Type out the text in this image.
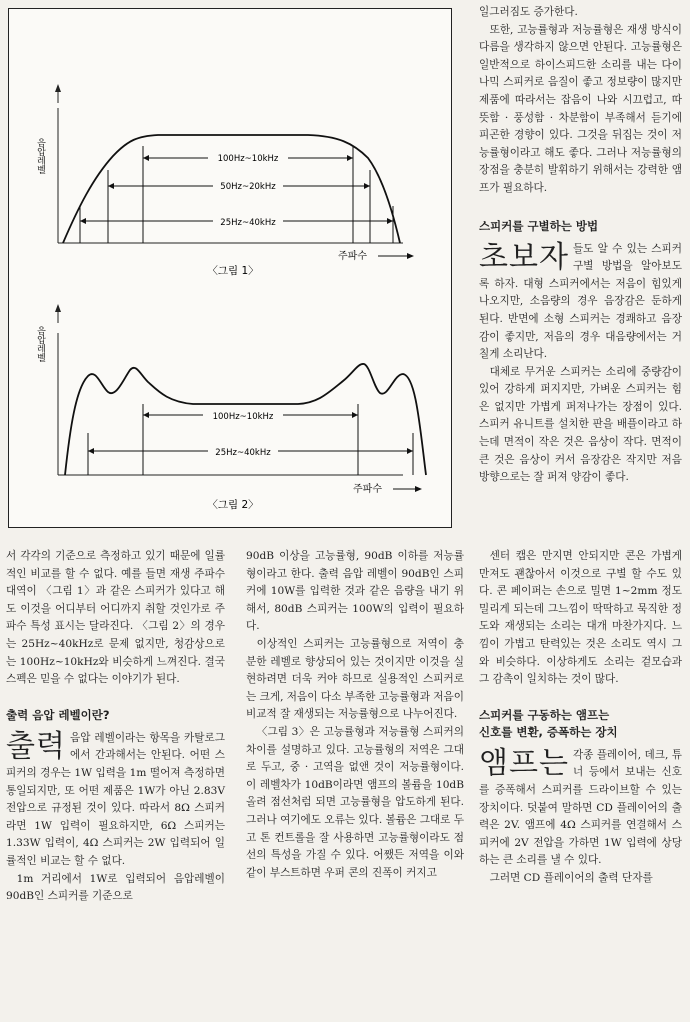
음압레벨	100Hz~10kHz
50Hz~20kHz
25Hz~40kHz
주파수
〈그림 1〉
음압레벨
100Hz~10kHz
25Hz~40kHz
주파수
〈그림 2〉

일그러짐도 증가한다.

또한, 고능률형과 저능률형은 재생 방식이 다름을 생각하지 않으면 안된다. 고능률형은 일반적으로 하이스피드한 소리를 내는 다이나믹 스피커로 음질이 좋고 정보량이 많지만 제품에 따라서는 잡음이 나와 시끄럽고, 따뜻함 · 풍성함 · 차분함이 부족해서 듣기에 피곤한 경향이 있다. 그것을 뒤집는 것이 저능률형이라고 해도 좋다. 그러나 저능률형의 장점을 충분히 발휘하기 위해서는 강력한 앰프가 필요하다.

스피커를 구별하는 방법
초보자 들도 알 수 있는 스피커 구별 방법을 알아보도록 하자. 대형 스피커에서는 저음이 힘있게 나오지만, 소음량의 경우 음장감은 둔하게 된다. 반면에 소형 스피커는 경쾌하고 음장감이 좋지만, 저음의 경우 대음량에서는 거칠게 소리난다.

대체로 무거운 스피커는 소리에 중량감이 있어 강하게 퍼지지만, 가벼운 스피커는 힘은 없지만 가볍게 퍼져나가는 장점이 있다. 스피커 유니트를 설치한 판을 배플이라고 하는데 면적이 작은 것은 음상이 작다. 면적이 큰 것은 음상이 커서 음장감은 작지만 저음 방향으로는 잘 퍼져 양감이 좋다.

서 각각의 기준으로 측정하고 있기 때문에 일률적인 비교를 할 수 없다. 예를 들면 재생 주파수 대역이 〈그림 1〉과 같은 스피커가 있다고 해도 이것을 어디부터 어디까지 취할 것인가로 주파수 특성 표시는 달라진다. 〈그림 2〉의 경우는 25Hz~40kHz로 문제 없지만, 청감상으로는 100Hz~10kHz와 비슷하게 느껴진다. 결국 스펙은 믿을 수 없다는 이야기가 된다.

출력 음압 레벨이란?
출력 음압 레벨이라는 항목을 카탈로그에서 간과해서는 안된다. 어떤 스피커의 경우는 1W 입력을 1m 떨어져 측정하면 통일되지만, 또 어떤 제품은 1W가 아닌 2.83V 전압으로 규정된 것이 있다. 따라서 8Ω 스피커라면 1W 입력이 필요하지만, 6Ω 스피커는 1.33W 입력이, 4Ω 스피커는 2W 입력되어 일률적인 비교는 할 수 없다.

1m 거리에서 1W로 입력되어 음압레벨이 90dB인 스피커를 기준으로

90dB 이상을 고능률형, 90dB 이하를 저능률형이라고 한다. 출력 음압 레벨이 90dB인 스피커에 10W를 입력한 것과 같은 음량을 내기 위해서, 80dB 스피커는 100W의 입력이 필요하다.

이상적인 스피커는 고능률형으로 저역이 충분한 레벨로 향상되어 있는 것이지만 이것을 실현하려면 더욱 커야 하므로 실용적인 스피커로는 크게, 저음이 다소 부족한 고능률형과 저음이 비교적 잘 재생되는 저능률형으로 나누어진다.

〈그림 3〉은 고능률형과 저능률형 스피커의 차이를 설명하고 있다. 고능률형의 저역은 그대로 두고, 중 · 고역을 없앤 것이 저능률형이다. 이 레벨차가 10dB이라면 앰프의 볼륨을 10dB 올려 점선처럼 되면 고능률형을 압도하게 된다. 그러나 여기에도 오류는 있다. 볼륨은 그대로 두고 톤 컨트롤을 잘 사용하면 고능률형이라도 점선의 특성을 가질 수 있다. 어쨌든 저역을 이와 같이 부스트하면 우퍼 콘의 진폭이 커지고

센터 캡은 만지면 안되지만 콘은 가볍게 만져도 괜찮아서 이것으로 구별 할 수도 있다. 콘 페이퍼는 손으로 밀면 1~2mm 정도 밀리게 되는데 그느낌이 딱딱하고 묵직한 정도와 재생되는 소리는 대개 마찬가지다. 느낌이 가볍고 탄력있는 것은 소리도 역시 그와 비슷하다. 이상하게도 소리는 겉모습과 그 감촉이 일치하는 것이 많다.

스피커를 구동하는 앰프는
신호를 변환, 증폭하는 장치
앰프는 각종 플레이어, 데크, 튜너 등에서 보내는 신호를 증폭해서 스피커를 드라이브할 수 있는 장치이다. 덧붙여 말하면 CD 플레이어의 출력은 2V. 앰프에 4Ω 스피커를 연결해서 스피커에 2V 전압을 가하면 1W 입력에 상당하는 큰 소리를 낼 수 있다.

그러면 CD 플레이어의 출력 단자를
